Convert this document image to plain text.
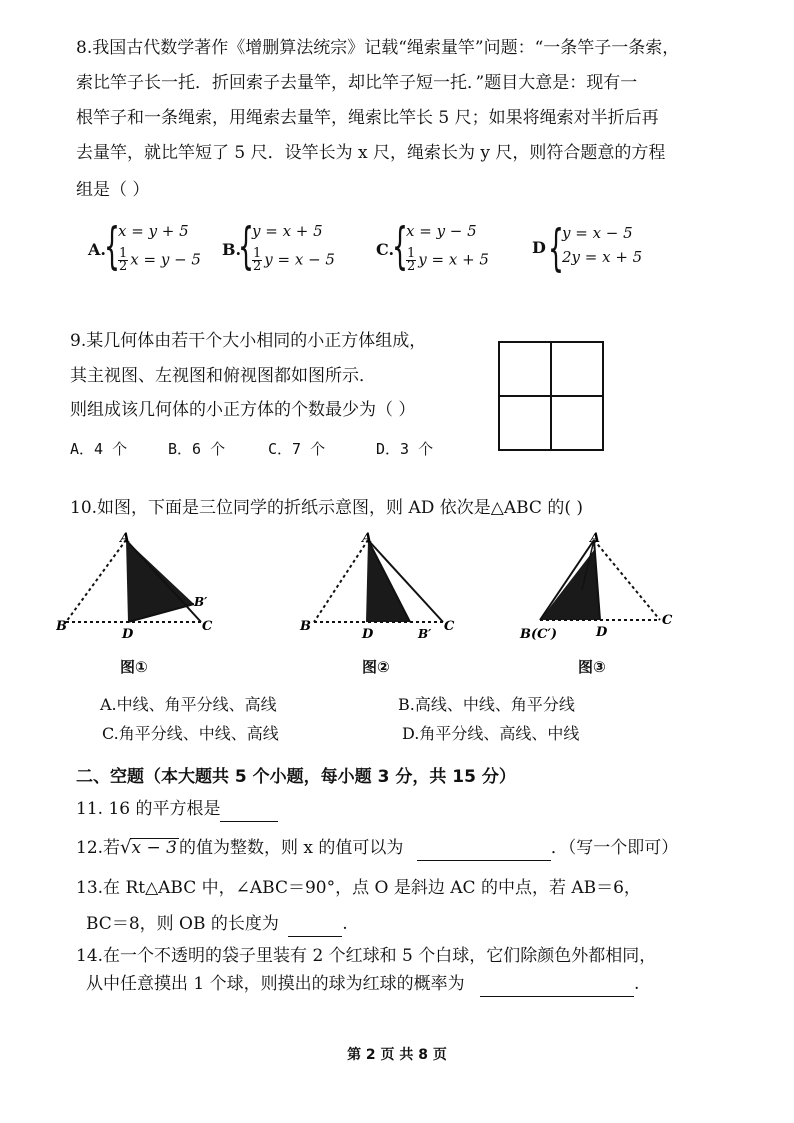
8.我国古代数学著作《增删算法统宗》记载“绳索量竿”问题：“一条竿子一条索，
索比竿子长一托．折回索子去量竿，却比竿子短一托．”题目大意是：现有一
根竿子和一条绳索，用绳索去量竿，绳索比竿长 5 尺；如果将绳索对半折后再
去量竿，就比竿短了 5 尺．设竿长为 x 尺，绳索长为 y 尺，则符合题意的方程
组是（ ）
A.
{
x = y + 5
$\frac{1}{2}$ x = y − 5
B.
{
y = x + 5
$\frac{1}{2}$ y = x − 5
C.
{
x = y − 5
$\frac{1}{2}$ y = x + 5
D {
y = x − 5
2y = x + 5
9.某几何体由若干个大小相同的小正方体组成，
其主视图、左视图和俯视图都如图所示．
则组成该几何体的小正方体的个数最少为（ ）
A．4 个	B．6 个	C．7 个	D．3 个
10.如图，下面是三位同学的折纸示意图，则 AD 依次是△ABC 的( )
A
B	C
D
B′
图①
A
B	C
D	B′
图②
A
B(C′)
C
D
图③
A.中线、角平分线、高线	B.高线、中线、角平分线
C.角平分线、中线、高线	D.角平分线、高线、中线
二、空题（本大题共 5 个小题，每小题 3 分，共 15 分）
11. 16 的平方根是
12.若√x − 3 的值为整数，则 x 的值可以为	．（写一个即可）
13.在 Rt△ABC 中，∠ABC＝90°，点 O 是斜边 AC 的中点，若 AB＝6，
BC＝8，则 OB 的长度为	.
14.在一个不透明的袋子里装有 2 个红球和 5 个白球，它们除颜色外都相同，
从中任意摸出 1 个球，则摸出的球为红球的概率为	.
第 2 页 共 8 页
